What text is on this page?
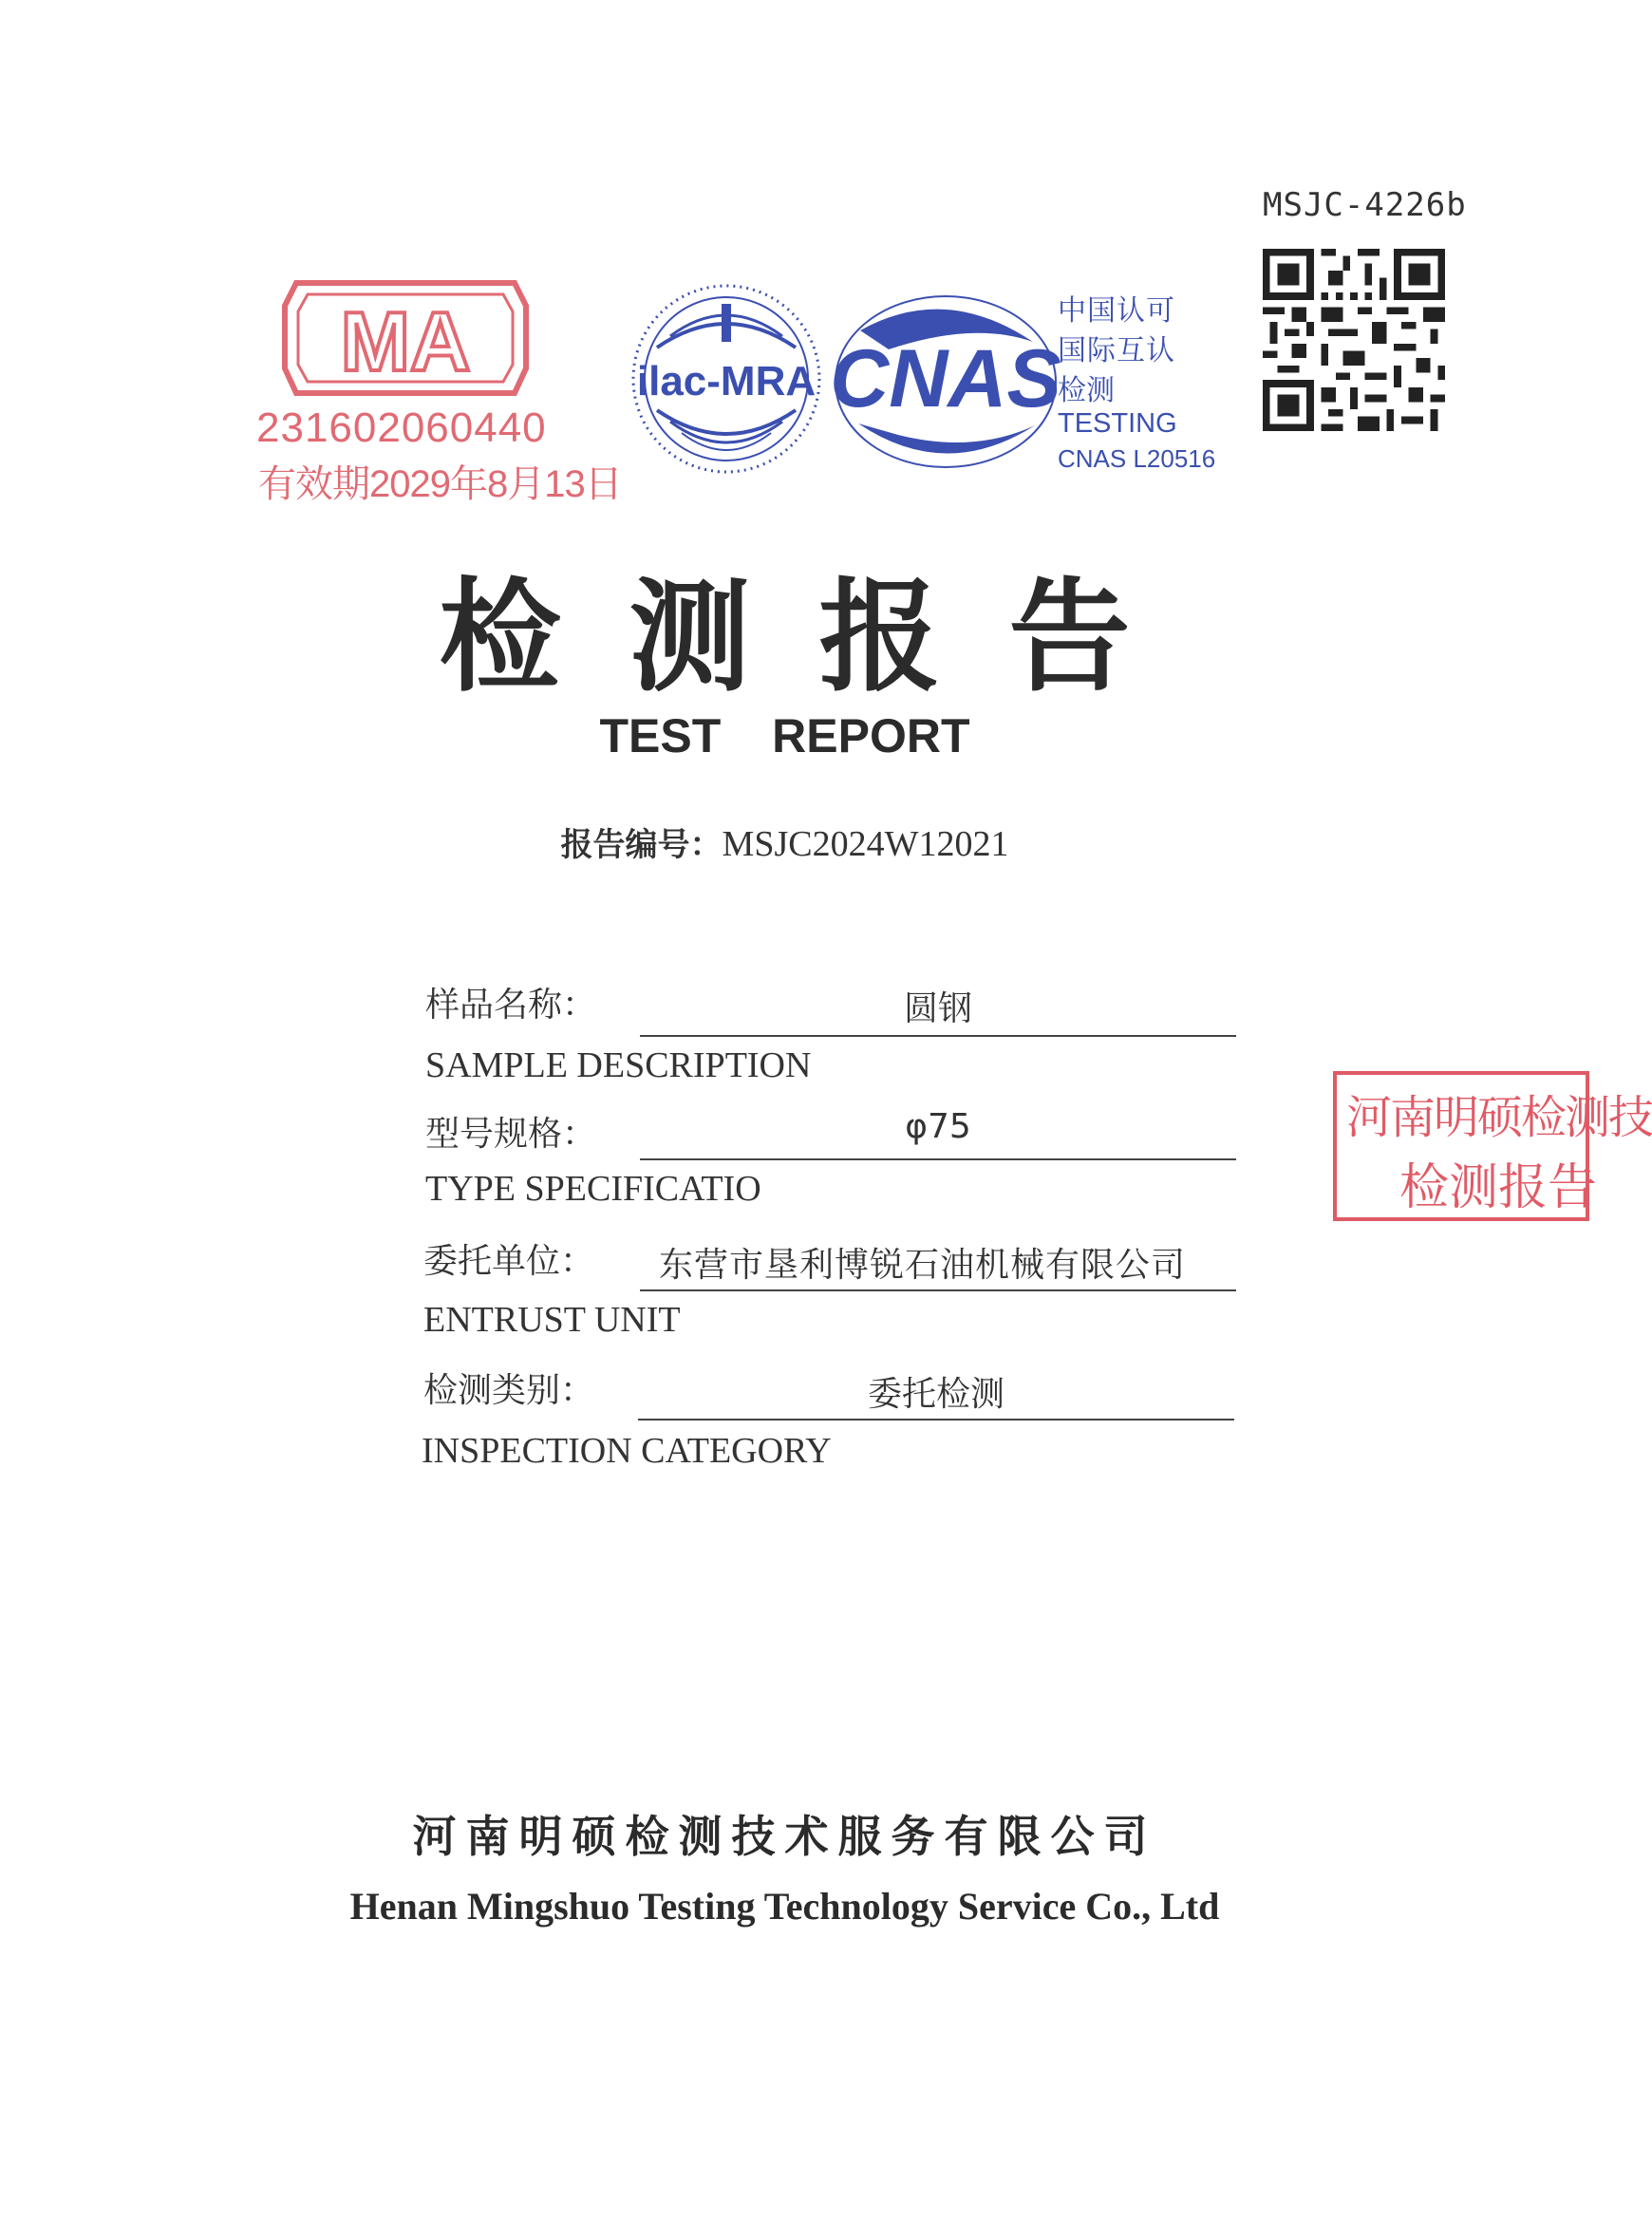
MSJC-4226b
MA
231602060440
有效期2029年8月13日
ilac-MRA CNAS
中国认可
国际互认
检测
TESTING
CNAS L20516
检测报告
TEST REPORT
报告编号：MSJC2024W12021
样品名称：	圆钢
SAMPLE DESCRIPTION
型号规格：	φ75
TYPE SPECIFICATIO
委托单位：	东营市垦利博锐石油机械有限公司
ENTRUST UNIT
检测类别：	委托检测
INSPECTION CATEGORY
河南明硕检测技
检测报告
河南明硕检测技术服务有限公司
Henan Mingshuo Testing Technology Service Co., Ltd
